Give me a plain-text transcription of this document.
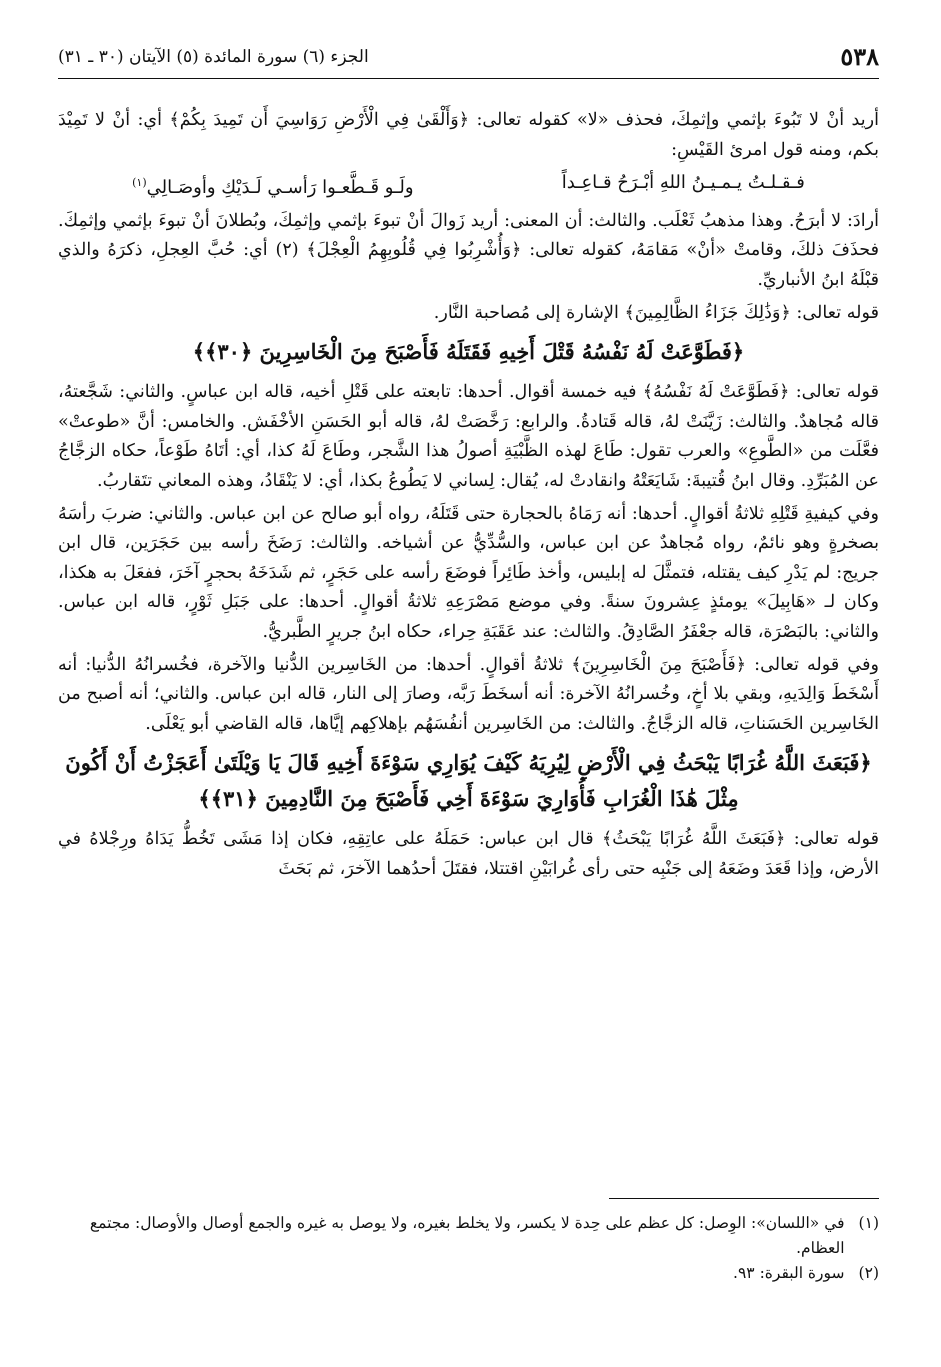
٥٣٨
الجزء (٦) سورة المائدة (٥) الآيتان (٣٠ ـ ٣١)

أريد أنْ لا تَبُوءَ بإثمي وإثمِكَ، فحذف «لا» كقوله تعالى: ﴿وَأَلْقَىٰ فِي الْأَرْضِ رَوَاسِيَ أَن تَمِيدَ بِكُمْ﴾ أي: أنْ لا تَمِيْدَ بكم، ومنه قول امرئ القَيْسِ:

فـقـلـتُ يـمـيـنُ اللهِ أبْـرَحُ قـاعِـداً
ولَـو قَـطَّعـوا رَأسـي لَـدَيْكِ وأوصَـالِي$^{(١)}$

أرادَ: لا أبرَحُ. وهذا مذهبُ ثَعْلَب. والثالث: أن المعنى: أريد زَوالَ أنْ تبوءَ بإثمي وإثمِكَ، وبُطلانَ أنْ تبوءَ بإثمي وإثمِكَ. فحذَفَ ذلكَ، وقامتْ «أنْ» مَقامَهُ، كقوله تعالى: ﴿وَأُشْرِبُوا فِي قُلُوبِهِمُ الْعِجْلَ﴾ (٢) أي: حُبَّ العِجلِ، ذكرَهُ والذي قبْلَهُ ابنُ الأنباريِّ.

قوله تعالى: ﴿وَذَٰلِكَ جَزَاءُ الظَّالِمِينَ﴾ الإشارة إلى مُصاحبة النَّار.

﴿فَطَوَّعَتْ لَهُ نَفْسُهُ قَتْلَ أَخِيهِ فَقَتَلَهُ فَأَصْبَحَ مِنَ الْخَاسِرِينَ ﴿٣٠﴾﴾

قوله تعالى: ﴿فَطَوَّعَتْ لَهُ نَفْسُهُ﴾ فيه خمسة أقوال. أحدها: تابعته على قَتْلِ أخيه، قاله ابن عباسٍ. والثاني: شَجَّعتهُ، قاله مُجاهدٌ. والثالث: زَيَّنَتْ لهُ، قاله قَتادةُ. والرابع: رَخَّصَتْ لهُ، قاله أبو الحَسَنِ الأخْفَش. والخامس: أنَّ «طوعتْ» فعَّلَت من «الطَّوعِ» والعرب تقول: طَاعَ لهذه الظَّبْيَةِ أصولُ هذا الشَّجر، وطَاعَ لَهُ كذا، أي: أتَاهُ طَوْعاً، حكاه الزجَّاجُ عن المُبَرِّدِ. وقال ابنُ قُتيبةَ: شَايَعَتْهُ وانقادتْ له، يُقال: لِساني لا يَطُوعُ بكذا، أي: لا يَنْقَادُ، وهذه المعاني تتَقاربُ.

وفي كيفيةِ قَتْلِهِ ثلاثةُ أقوالٍ. أحدها: أنه رَمَاهُ بالحجارة حتى قَتَلَهُ، رواه أبو صالح عن ابن عباس. والثاني: ضربَ رأسَهُ بصخرةٍ وهو نائمٌ، رواه مُجاهدٌ عن ابن عباس، والسُّدِّيُّ عن أشياخه. والثالث: رَضَخَ رأسه بين حَجَرَين، قال ابن جريج: لم يَدْرِ كيف يقتله، فتمثَّلَ له إبليس، وأخذ طَائِراً فوضَعَ رأسه على حَجَرٍ، ثم شَدَخَهُ بحجرٍ آخَرَ، ففعَلَ به هكذا، وكان لـ «هَابِيلَ» يومئذٍ عِشرونَ سنةً. وفي موضع مَصْرَعِهِ ثلاثةُ أقوالٍ. أحدها: على جَبَلِ ثَوْرٍ، قاله ابن عباس. والثاني: بالبَصْرَة، قاله جعْفَرُ الصَّادِقُ. والثالث: عند عَقَبَةِ حِراء، حكاه ابنُ جريرٍ الطَّبريُّ.

وفي قوله تعالى: ﴿فَأَصْبَحَ مِنَ الْخَاسِرِينَ﴾ ثلاثةُ أقوالٍ. أحدها: من الخَاسِرين الدُّنيا والآخرة، فخُسرانُهُ الدُّنيا: أنه أَسْخَطَ وَالِدَيهِ، وبقي بلا أخٍ، وخُسرانُهُ الآخرة: أنه أسخَطَ رَبَّه، وصارَ إلى النار، قاله ابن عباس. والثاني؛ أنه أصبح من الخَاسِرين الحَسَناتِ، قاله الزجَّاجُ. والثالث: من الخَاسِرين أنفُسَهُم بإهلاكِهم إيَّاها، قاله القاضي أبو يَعْلَى.

﴿فَبَعَثَ اللَّهُ غُرَابًا يَبْحَثُ فِي الْأَرْضِ لِيُرِيَهُ كَيْفَ يُوَارِي سَوْءَةَ أَخِيهِ قَالَ يَا وَيْلَتَىٰ أَعَجَزْتُ أَنْ أَكُونَ
مِثْلَ هَٰذَا الْغُرَابِ فَأُوَارِيَ سَوْءَةَ أَخِي فَأَصْبَحَ مِنَ النَّادِمِينَ ﴿٣١﴾﴾

قوله تعالى: ﴿فَبَعَثَ اللَّهُ غُرَابًا يَبْحَثُ﴾ قال ابن عباس: حَمَلَهُ على عاتِقِهِ، فكان إذا مَشَى تَخُطُّ يَدَاهُ ورِجْلاهُ في الأرض، وإذا قَعَدَ وضَعَهُ إلى جَنْبِه حتى رأى غُرابَيْنِ اقتتلا، فقتَلَ أحدُهما الآخرَ، ثم بَحَثَ

(١)
في «اللسان»: الوِصل: كل عظم على حِدة لا يكسر، ولا يخلط بغيره، ولا يوصل به غيره والجمع أوصال والأوصال: مجتمع العظام.
(٢)
سورة البقرة: ٩٣.
